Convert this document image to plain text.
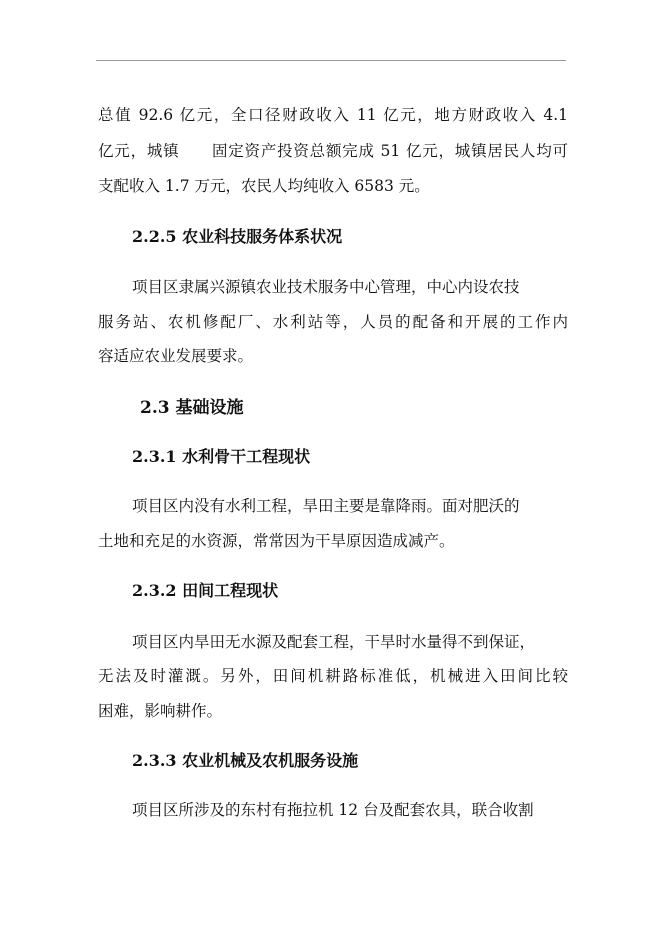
总值 92.6 亿元，全口径财政收入 11 亿元，地方财政收入 4.1
亿元，城镇　　固定资产投资总额完成 51 亿元，城镇居民人均可
支配收入 1.7 万元，农民人均纯收入 6583 元。
2.2.5 农业科技服务体系状况
项目区隶属兴源镇农业技术服务中心管理，中心内设农技
服务站、农机修配厂、水利站等，人员的配备和开展的工作内
容适应农业发展要求。
2.3 基础设施
2.3.1 水利骨干工程现状
项目区内没有水利工程，旱田主要是靠降雨。面对肥沃的
土地和充足的水资源，常常因为干旱原因造成减产。
2.3.2 田间工程现状
项目区内旱田无水源及配套工程，干旱时水量得不到保证，
无法及时灌溉。另外，田间机耕路标准低，机械进入田间比较
困难，影响耕作。
2.3.3 农业机械及农机服务设施
项目区所涉及的东村有拖拉机 12 台及配套农具，联合收割
